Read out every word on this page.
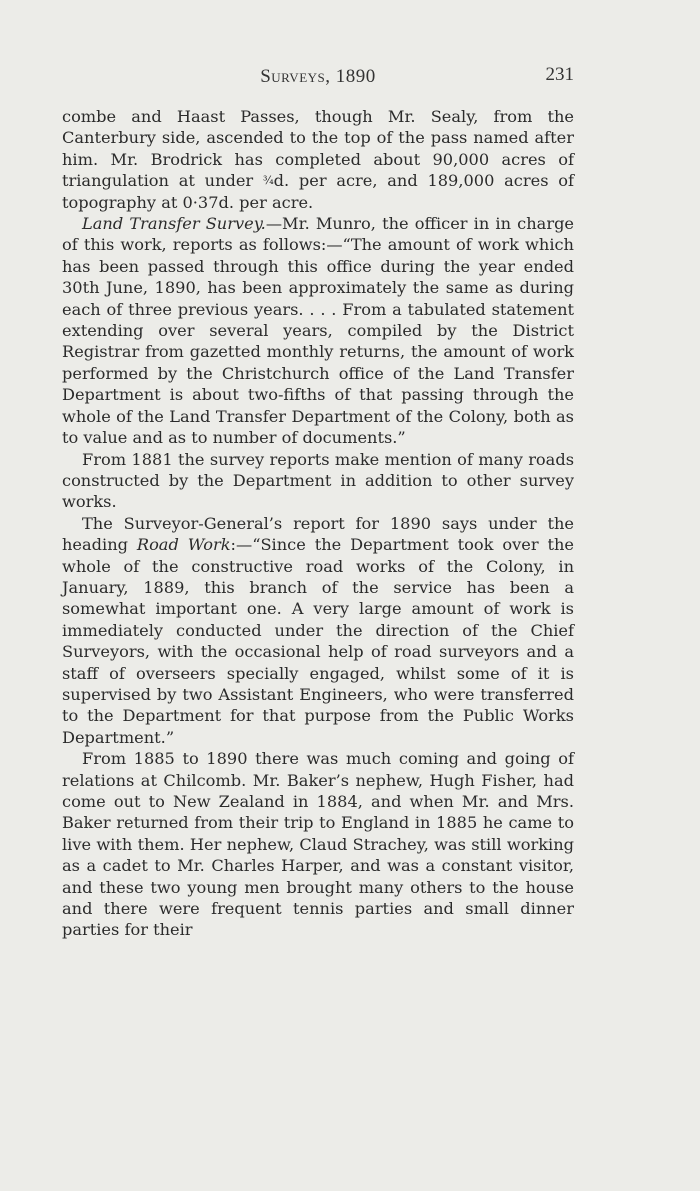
Surveys, 1890	231

combe and Haast Passes, though Mr. Sealy, from the Canterbury side, ascended to the top of the pass named after him. Mr. Brodrick has completed about 90,000 acres of triangulation at under ¾d. per acre, and 189,000 acres of topography at 0·37d. per acre.

Land Transfer Survey.—Mr. Munro, the officer in in charge of this work, reports as follows:—“The amount of work which has been passed through this office during the year ended 30th June, 1890, has been approximately the same as during each of three previous years. . . . From a tabulated statement extending over several years, compiled by the District Registrar from gazetted monthly returns, the amount of work performed by the Christchurch office of the Land Transfer Department is about two-fifths of that passing through the whole of the Land Transfer Department of the Colony, both as to value and as to number of documents.”

From 1881 the survey reports make mention of many roads constructed by the Department in addition to other survey works.

The Surveyor-General’s report for 1890 says under the heading Road Work:—“Since the Department took over the whole of the constructive road works of the Colony, in January, 1889, this branch of the service has been a somewhat important one. A very large amount of work is immediately conducted under the direction of the Chief Surveyors, with the occasional help of road surveyors and a staff of overseers specially engaged, whilst some of it is supervised by two Assistant Engineers, who were transferred to the Department for that purpose from the Public Works Department.”

From 1885 to 1890 there was much coming and going of relations at Chilcomb. Mr. Baker’s nephew, Hugh Fisher, had come out to New Zealand in 1884, and when Mr. and Mrs. Baker returned from their trip to England in 1885 he came to live with them. Her nephew, Claud Strachey, was still working as a cadet to Mr. Charles Harper, and was a constant visitor, and these two young men brought many others to the house and there were frequent tennis parties and small dinner parties for their
